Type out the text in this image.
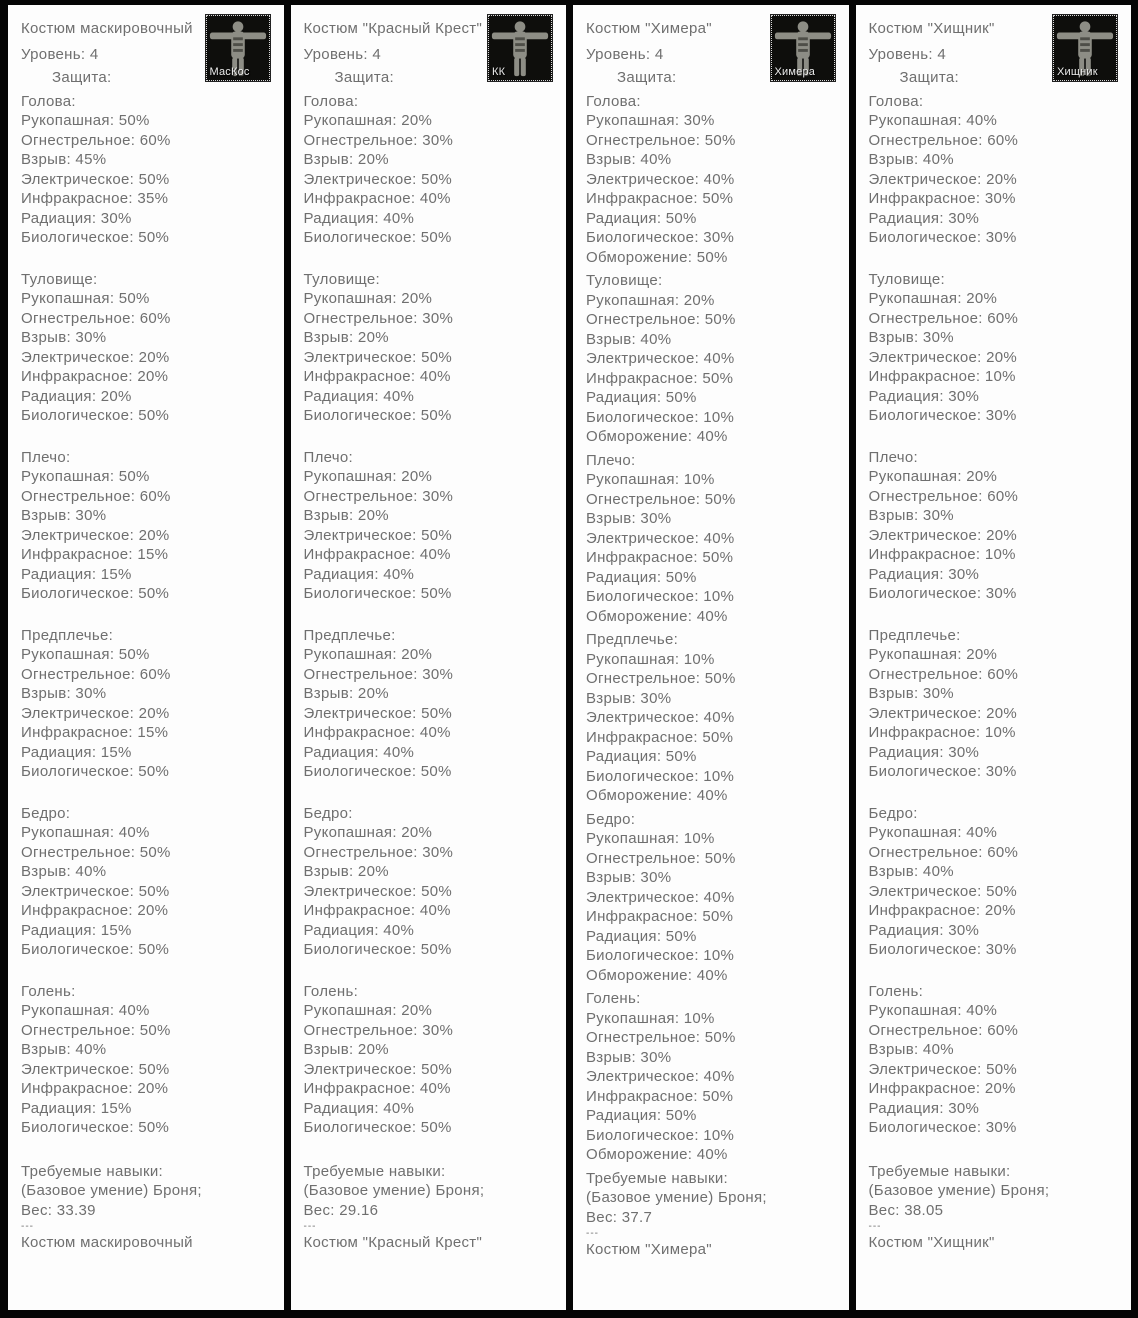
Костюм маскировочный
МасКос
Уровень: 4
Защита:
Голова:
Рукопашная: 50%
Огнестрельное: 60%
Взрыв: 45%
Электрическое: 50%
Инфракрасное: 35%
Радиация: 30%
Биологическое: 50%
Туловище:
Рукопашная: 50%
Огнестрельное: 60%
Взрыв: 30%
Электрическое: 20%
Инфракрасное: 20%
Радиация: 20%
Биологическое: 50%
Плечо:
Рукопашная: 50%
Огнестрельное: 60%
Взрыв: 30%
Электрическое: 20%
Инфракрасное: 15%
Радиация: 15%
Биологическое: 50%
Предплечье:
Рукопашная: 50%
Огнестрельное: 60%
Взрыв: 30%
Электрическое: 20%
Инфракрасное: 15%
Радиация: 15%
Биологическое: 50%
Бедро:
Рукопашная: 40%
Огнестрельное: 50%
Взрыв: 40%
Электрическое: 50%
Инфракрасное: 20%
Радиация: 15%
Биологическое: 50%
Голень:
Рукопашная: 40%
Огнестрельное: 50%
Взрыв: 40%
Электрическое: 50%
Инфракрасное: 20%
Радиация: 15%
Биологическое: 50%
Требуемые навыки:
(Базовое умение) Броня;
Вес: 33.39
---
Костюм маскировочный
Костюм "Красный Крест"
КК
Уровень: 4
Защита:
Голова:
Рукопашная: 20%
Огнестрельное: 30%
Взрыв: 20%
Электрическое: 50%
Инфракрасное: 40%
Радиация: 40%
Биологическое: 50%
Туловище:
Рукопашная: 20%
Огнестрельное: 30%
Взрыв: 20%
Электрическое: 50%
Инфракрасное: 40%
Радиация: 40%
Биологическое: 50%
Плечо:
Рукопашная: 20%
Огнестрельное: 30%
Взрыв: 20%
Электрическое: 50%
Инфракрасное: 40%
Радиация: 40%
Биологическое: 50%
Предплечье:
Рукопашная: 20%
Огнестрельное: 30%
Взрыв: 20%
Электрическое: 50%
Инфракрасное: 40%
Радиация: 40%
Биологическое: 50%
Бедро:
Рукопашная: 20%
Огнестрельное: 30%
Взрыв: 20%
Электрическое: 50%
Инфракрасное: 40%
Радиация: 40%
Биологическое: 50%
Голень:
Рукопашная: 20%
Огнестрельное: 30%
Взрыв: 20%
Электрическое: 50%
Инфракрасное: 40%
Радиация: 40%
Биологическое: 50%
Требуемые навыки:
(Базовое умение) Броня;
Вес: 29.16
---
Костюм "Красный Крест"
Костюм "Химера"
Химера
Уровень: 4
Защита:
Голова:
Рукопашная: 30%
Огнестрельное: 50%
Взрыв: 40%
Электрическое: 40%
Инфракрасное: 50%
Радиация: 50%
Биологическое: 30%
Обморожение: 50%
Туловище:
Рукопашная: 20%
Огнестрельное: 50%
Взрыв: 40%
Электрическое: 40%
Инфракрасное: 50%
Радиация: 50%
Биологическое: 10%
Обморожение: 40%
Плечо:
Рукопашная: 10%
Огнестрельное: 50%
Взрыв: 30%
Электрическое: 40%
Инфракрасное: 50%
Радиация: 50%
Биологическое: 10%
Обморожение: 40%
Предплечье:
Рукопашная: 10%
Огнестрельное: 50%
Взрыв: 30%
Электрическое: 40%
Инфракрасное: 50%
Радиация: 50%
Биологическое: 10%
Обморожение: 40%
Бедро:
Рукопашная: 10%
Огнестрельное: 50%
Взрыв: 30%
Электрическое: 40%
Инфракрасное: 50%
Радиация: 50%
Биологическое: 10%
Обморожение: 40%
Голень:
Рукопашная: 10%
Огнестрельное: 50%
Взрыв: 30%
Электрическое: 40%
Инфракрасное: 50%
Радиация: 50%
Биологическое: 10%
Обморожение: 40%
Требуемые навыки:
(Базовое умение) Броня;
Вес: 37.7
---
Костюм "Химера"
Костюм "Хищник"
Хищник
Уровень: 4
Защита:
Голова:
Рукопашная: 40%
Огнестрельное: 60%
Взрыв: 40%
Электрическое: 20%
Инфракрасное: 30%
Радиация: 30%
Биологическое: 30%
Туловище:
Рукопашная: 20%
Огнестрельное: 60%
Взрыв: 30%
Электрическое: 20%
Инфракрасное: 10%
Радиация: 30%
Биологическое: 30%
Плечо:
Рукопашная: 20%
Огнестрельное: 60%
Взрыв: 30%
Электрическое: 20%
Инфракрасное: 10%
Радиация: 30%
Биологическое: 30%
Предплечье:
Рукопашная: 20%
Огнестрельное: 60%
Взрыв: 30%
Электрическое: 20%
Инфракрасное: 10%
Радиация: 30%
Биологическое: 30%
Бедро:
Рукопашная: 40%
Огнестрельное: 60%
Взрыв: 40%
Электрическое: 50%
Инфракрасное: 20%
Радиация: 30%
Биологическое: 30%
Голень:
Рукопашная: 40%
Огнестрельное: 60%
Взрыв: 40%
Электрическое: 50%
Инфракрасное: 20%
Радиация: 30%
Биологическое: 30%
Требуемые навыки:
(Базовое умение) Броня;
Вес: 38.05
---
Костюм "Хищник"
